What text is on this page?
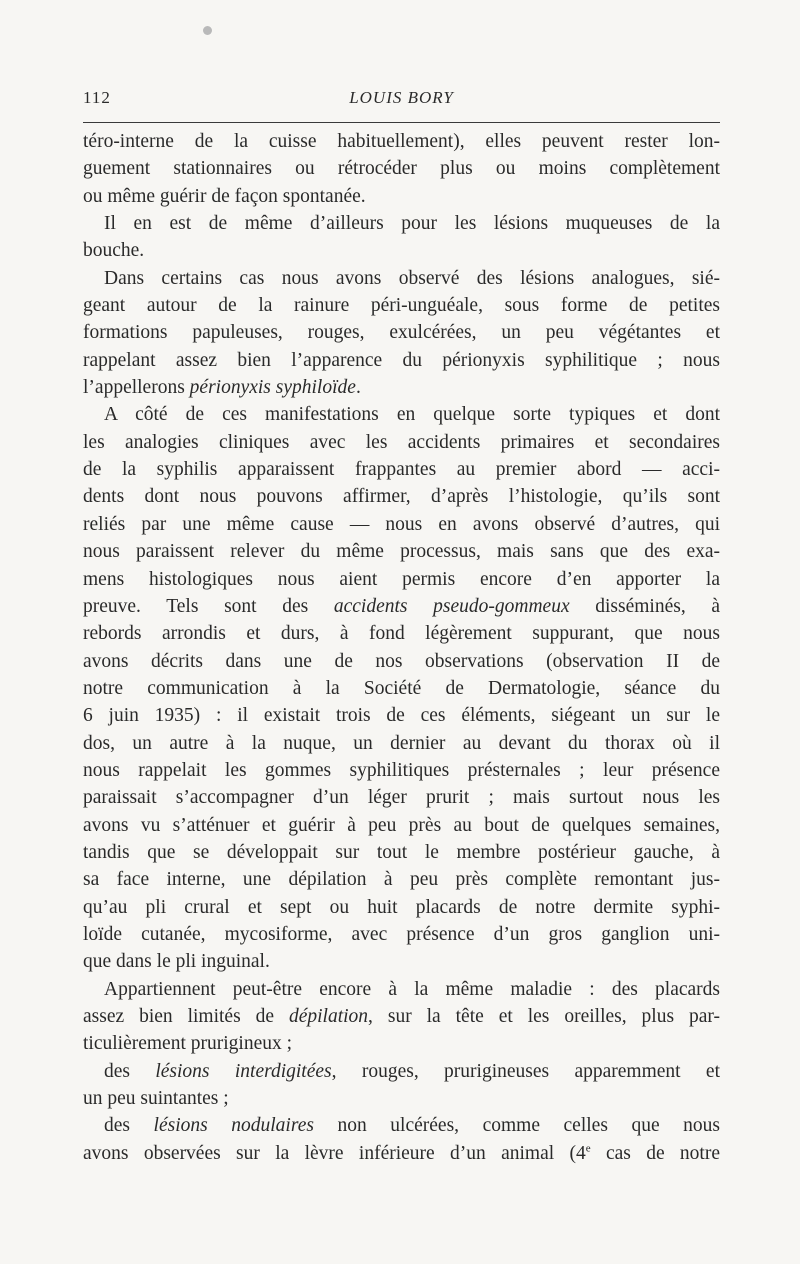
112	LOUIS BORY
téro-interne de la cuisse habituellement), elles peuvent rester lon-
guement stationnaires ou rétrocéder plus ou moins complètement
ou même guérir de façon spontanée.
Il en est de même d’ailleurs pour les lésions muqueuses de la
bouche.
Dans certains cas nous avons observé des lésions analogues, sié-
geant autour de la rainure péri-unguéale, sous forme de petites
formations papuleuses, rouges, exulcérées, un peu végétantes et
rappelant assez bien l’apparence du périonyxis syphilitique ; nous
l’appellerons périonyxis syphiloïde.
A côté de ces manifestations en quelque sorte typiques et dont
les analogies cliniques avec les accidents primaires et secondaires
de la syphilis apparaissent frappantes au premier abord — acci-
dents dont nous pouvons affirmer, d’après l’histologie, qu’ils sont
reliés par une même cause — nous en avons observé d’autres, qui
nous paraissent relever du même processus, mais sans que des exa-
mens histologiques nous aient permis encore d’en apporter la
preuve. Tels sont des accidents pseudo-gommeux disséminés, à
rebords arrondis et durs, à fond légèrement suppurant, que nous
avons décrits dans une de nos observations (observation II de
notre communication à la Société de Dermatologie, séance du
6 juin 1935) : il existait trois de ces éléments, siégeant un sur le
dos, un autre à la nuque, un dernier au devant du thorax où il
nous rappelait les gommes syphilitiques présternales ; leur présence
paraissait s’accompagner d’un léger prurit ; mais surtout nous les
avons vu s’atténuer et guérir à peu près au bout de quelques semaines,
tandis que se développait sur tout le membre postérieur gauche, à
sa face interne, une dépilation à peu près complète remontant jus-
qu’au pli crural et sept ou huit placards de notre dermite syphi-
loïde cutanée, mycosiforme, avec présence d’un gros ganglion uni-
que dans le pli inguinal.
Appartiennent peut-être encore à la même maladie : des placards
assez bien limités de dépilation, sur la tête et les oreilles, plus par-
ticulièrement prurigineux ;
des lésions interdigitées, rouges, prurigineuses apparemment et
un peu suintantes ;
des lésions nodulaires non ulcérées, comme celles que nous
avons observées sur la lèvre inférieure d’un animal (4e cas de notre
